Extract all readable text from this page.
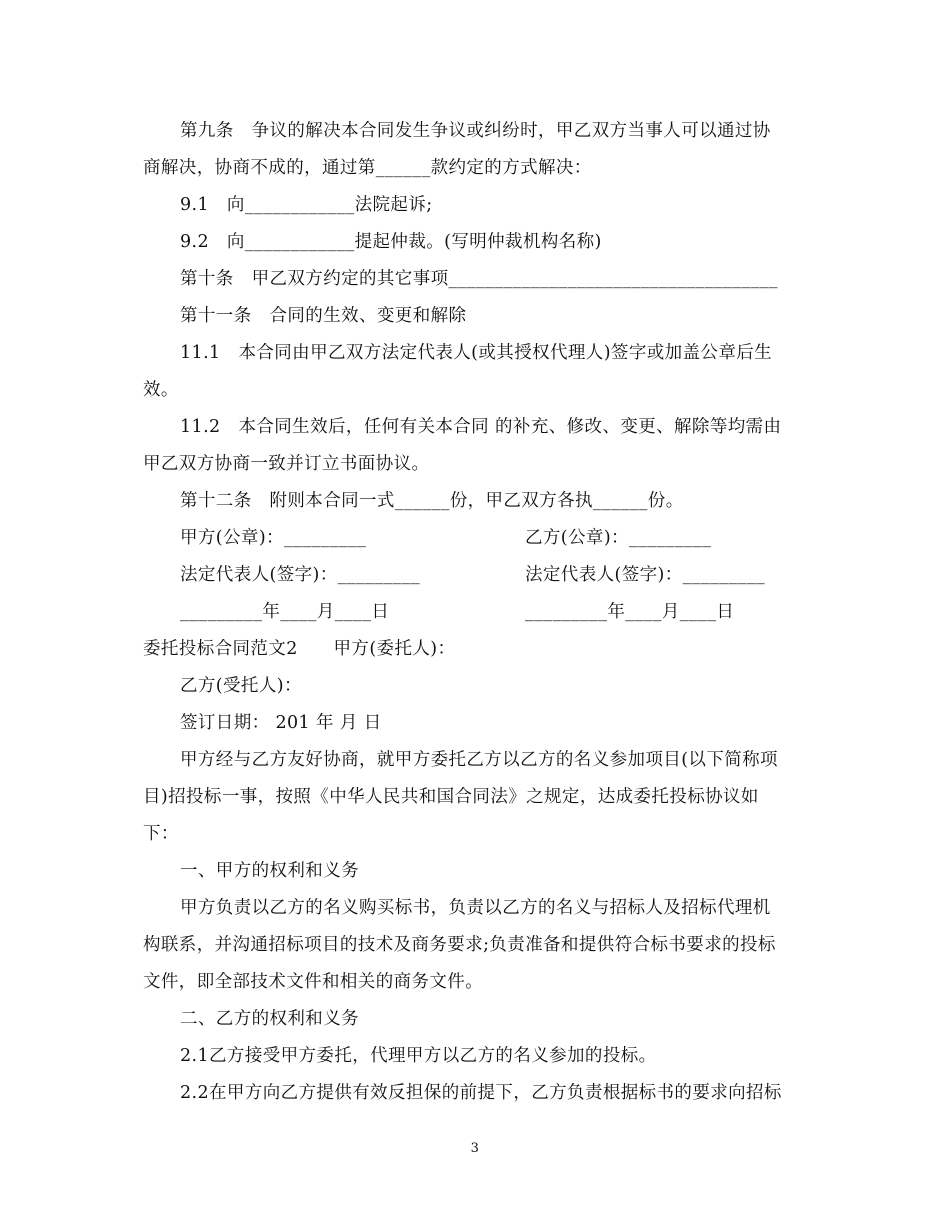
第九条　争议的解决本合同发生争议或纠纷时，甲乙双方当事人可以通过协
商解决，协商不成的，通过第______款约定的方式解决：
9.1　向____________法院起诉;
9.2　向____________提起仲裁。(写明仲裁机构名称)
第十条　甲乙双方约定的其它事项____________________________________
第十一条　合同的生效、变更和解除
11.1　本合同由甲乙双方法定代表人(或其授权代理人)签字或加盖公章后生
效。
11.2　本合同生效后，任何有关本合同 的补充、修改、变更、解除等均需由
甲乙双方协商一致并订立书面协议。
第十二条　附则本合同一式______份，甲乙双方各执______份。
甲方(公章)：_________	乙方(公章)：_________
法定代表人(签字)：_________	法定代表人(签字)：_________
_________年____月____日	_________年____月____日
委托投标合同范文2　　甲方(委托人)：
乙方(受托人)：
签订日期： 201 年 月 日
甲方经与乙方友好协商，就甲方委托乙方以乙方的名义参加项目(以下简称项
目)招投标一事，按照《中华人民共和国合同法》之规定，达成委托投标协议如
下：
一、甲方的权利和义务
甲方负责以乙方的名义购买标书，负责以乙方的名义与招标人及招标代理机
构联系，并沟通招标项目的技术及商务要求;负责准备和提供符合标书要求的投标
文件，即全部技术文件和相关的商务文件。
二、乙方的权利和义务
2.1乙方接受甲方委托，代理甲方以乙方的名义参加的投标。
2.2在甲方向乙方提供有效反担保的前提下，乙方负责根据标书的要求向招标
3
